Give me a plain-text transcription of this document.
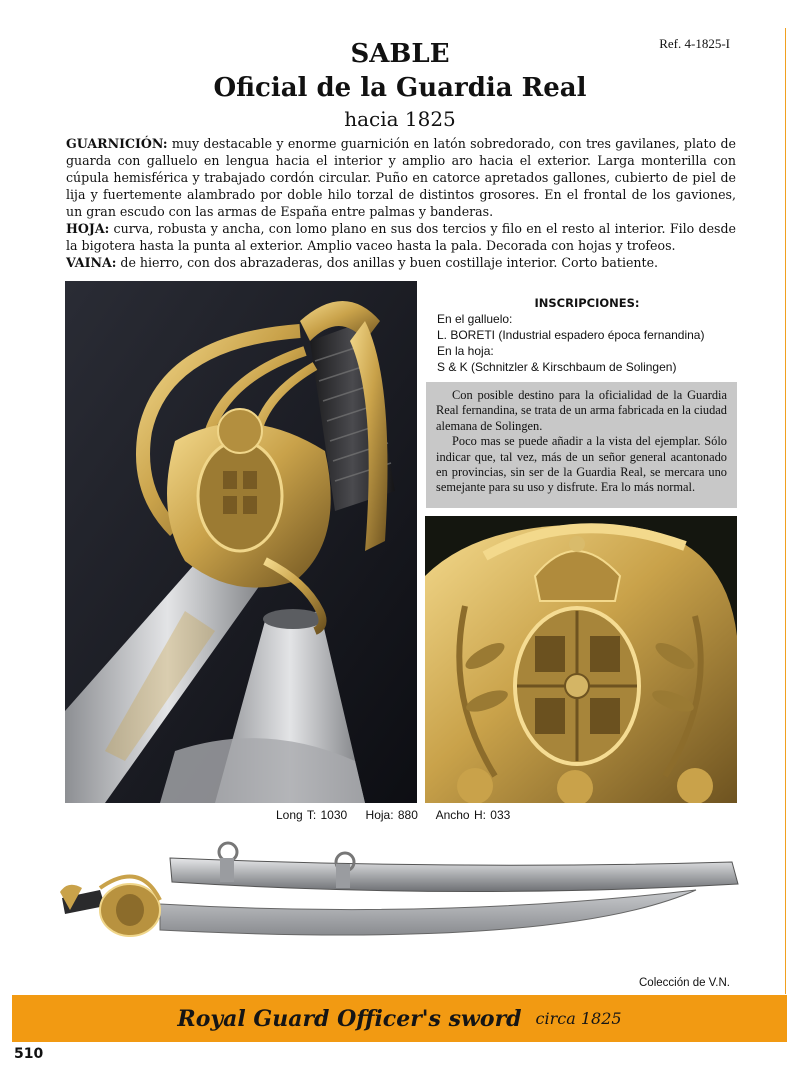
Ref. 4-1825-I
SABLE
Oficial de la Guardia Real
hacia 1825
GUARNICIÓN: muy destacable y enorme guarnición en latón sobredorado, con tres gavilanes, plato de guarda con galluelo en lengua hacia el interior y amplio aro hacia el exterior. Larga monterilla con cúpula hemisférica y trabajado cordón circular. Puño en catorce apretados gallones, cubierto de piel de lija y fuertemente alambrado por doble hilo torzal de distintos grosores. En el frontal de los gaviones, un gran escudo con las armas de España entre palmas y banderas.
HOJA: curva, robusta y ancha, con lomo plano en sus dos tercios y filo en el resto al interior. Filo desde la bigotera hasta la punta al exterior. Amplio vaceo hasta la pala. Decorada con hojas y trofeos.
VAINA: de hierro, con dos abrazaderas, dos anillas y buen costillaje interior. Corto batiente.
INSCRIPCIONES:
En el galluelo:
L. BORETI (Industrial espadero época fernandina)
En la hoja:
S & K (Schnitzler & Kirschbaum de Solingen)

Con posible destino para la oficialidad de la Guardia Real fernandina, se trata de un arma fabricada en la ciudad alemana de Solingen.

Poco mas se puede añadir a la vista del ejemplar. Sólo indicar que, tal vez, más de un señor general acantonado en provincias, sin ser de la Guardia Real, se mercara uno semejante para su uso y disfrute. Era lo más normal.

Long T: 1030 Hoja: 880 Ancho H: 033
Colección de V.N.
Royal Guard Officer's sword circa 1825
510
